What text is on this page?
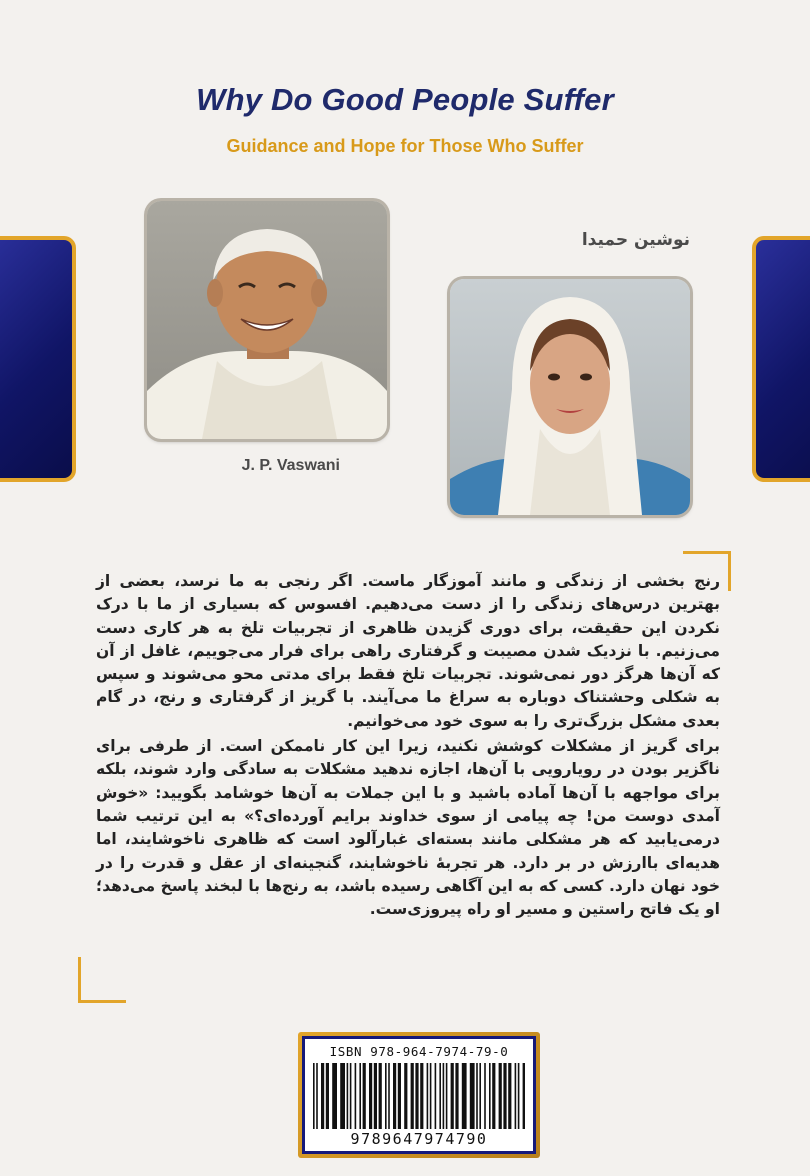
Why Do Good People Suffer
Guidance and Hope for Those Who Suffer
J. P. Vaswani
نوشین حمیدا

رنج بخشی از زندگی و مانند آموزگار ماست. اگر رنجی به ما نرسد، بعضی از بهترین درس‌های زندگی را از دست می‌دهیم. افسوس که بسیاری از ما با درک نکردن این حقیقت، برای دوری گزیدن ظاهری از تجربیات تلخ به هر کاری دست می‌زنیم. با نزدیک شدن مصیبت و گرفتاری راهی برای فرار می‌جوییم، غافل از آن که آن‌ها هرگز دور نمی‌شوند. تجربیات تلخ فقط برای مدتی محو می‌شوند و سپس به شکلی وحشتناک دوباره به سراغ ما می‌آیند. با گریز از گرفتاری و رنج، در گام بعدی مشکل بزرگ‌تری را به سوی خود می‌خوانیم.

برای گریز از مشکلات کوشش نکنید، زیرا این کار ناممکن است. از طرفی برای ناگزیر بودن در رویارویی با آن‌ها، اجازه ندهید مشکلات به سادگی وارد شوند، بلکه برای مواجهه با آن‌ها آماده باشید و با این جملات به آن‌ها خوشامد بگویید: «خوش آمدی دوست من! چه پیامی از سوی خداوند برایم آورده‌ای؟» به این ترتیب شما درمی‌یابید که هر مشکلی مانند بسته‌ای غبارآلود است که ظاهری ناخوشایند، اما هدیه‌ای باارزش در بر دارد. هر تجربهٔ ناخوشایند، گنجینه‌ای از عقل و قدرت را در خود نهان دارد. کسی که به این آگاهی رسیده باشد، به رنج‌ها با لبخند پاسخ می‌دهد؛ او یک فاتح راستین و مسیر او راه پیروزی‌ست.

ISBN 978-964-7974-79-0
9789647974790
